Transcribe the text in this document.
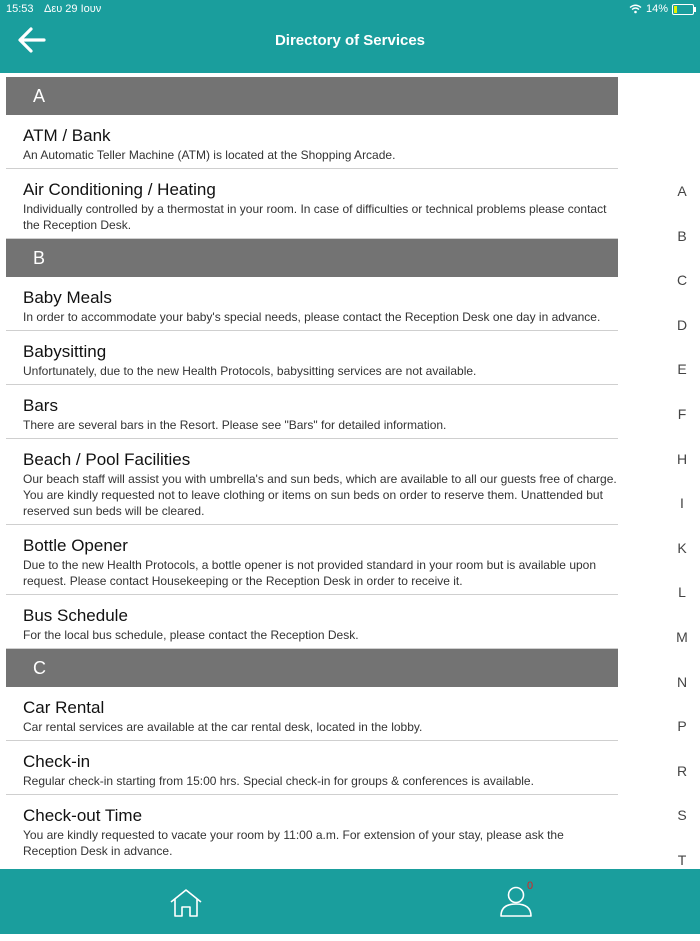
15:53 Δευ 29 Ιουν	14%
Directory of Services
A
ATM / Bank
An Automatic Teller Machine (ATM) is located at the Shopping Arcade.
Air Conditioning / Heating
Individually controlled by a thermostat in your room. In case of difficulties or technical problems please contact the Reception Desk.
B
Baby Meals
In order to accommodate your baby's special needs, please contact the Reception Desk one day in advance.
Babysitting
Unfortunately, due to the new Health Protocols, babysitting services are not available.
Bars
There are several bars in the Resort. Please see "Bars" for detailed information.
Beach / Pool Facilities
Our beach staff will assist you with umbrella's and sun beds, which are available to all our guests free of charge. You are kindly requested not to leave clothing or items on sun beds on order to reserve them. Unattended but reserved sun beds will be cleared.
Bottle Opener
Due to the new Health Protocols, a bottle opener is not provided standard in your room but is available upon request. Please contact Housekeeping or the Reception Desk in order to receive it.
Bus Schedule
For the local bus schedule, please contact the Reception Desk.
C
Car Rental
Car rental services are available at the car rental desk, located in the lobby.
Check-in
Regular check-in starting from 15:00 hrs. Special check-in for groups & conferences is available.
Check-out Time
You are kindly requested to vacate your room by 11:00 a.m. For extension of your stay, please ask the Reception Desk in advance.
A
B
C
D
E
F
H
I
K
L
M
N
P
R
S
T
0
